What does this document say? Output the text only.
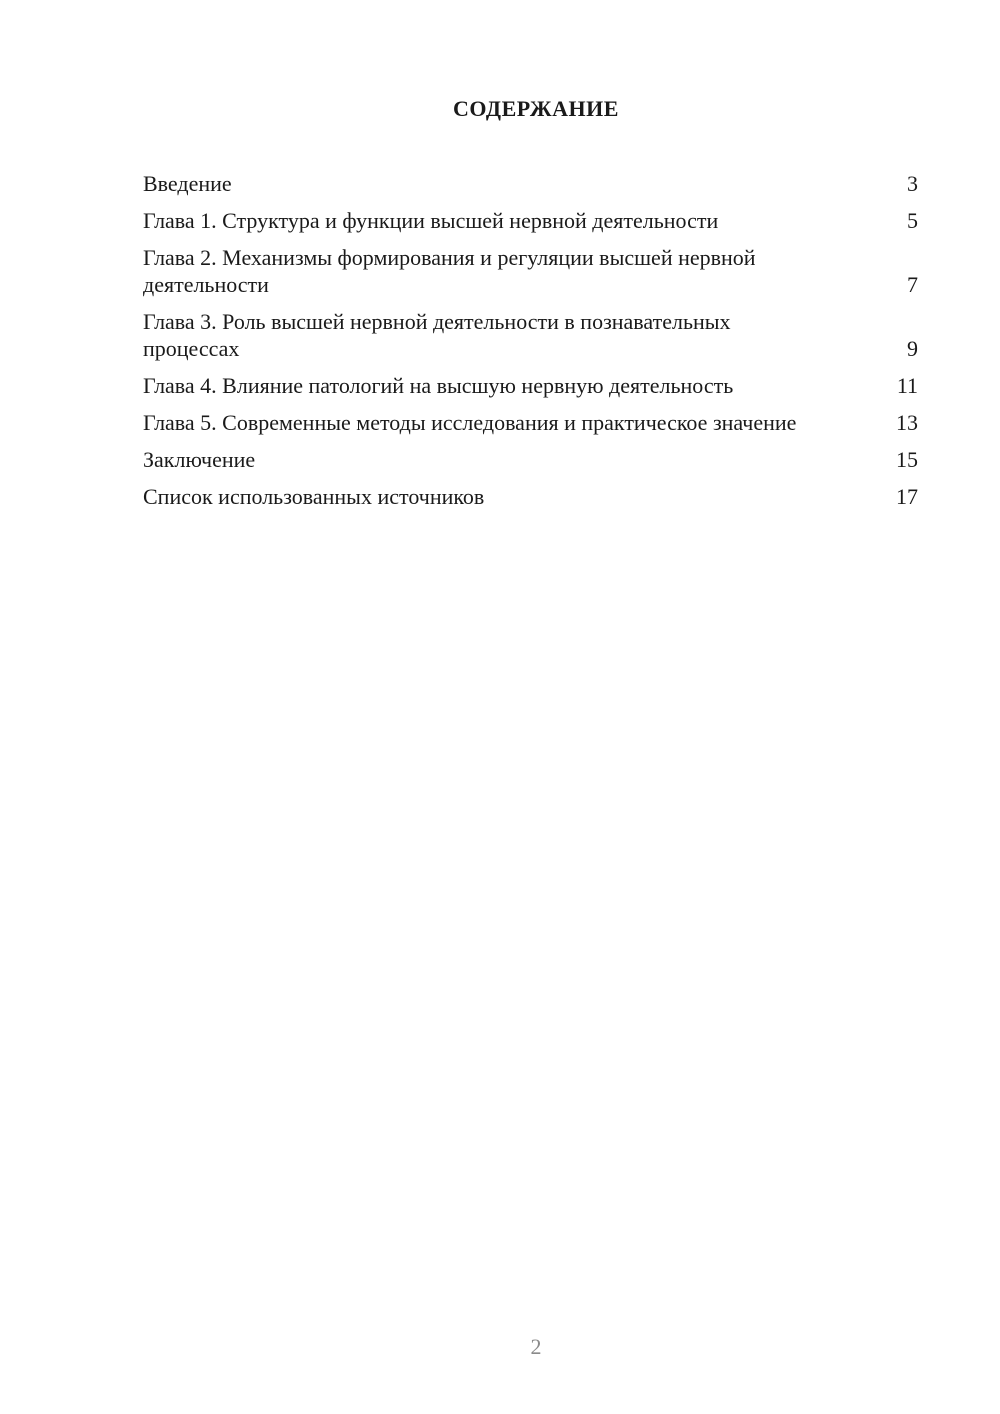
СОДЕРЖАНИЕ
Введение	3
Глава 1. Структура и функции высшей нервной деятельности	5
Глава 2. Механизмы формирования и регуляции высшей нервной деятельности	7
Глава 3. Роль высшей нервной деятельности в познавательных процессах	9
Глава 4. Влияние патологий на высшую нервную деятельность	11
Глава 5. Современные методы исследования и практическое значение	13
Заключение	15
Список использованных источников	17
2
